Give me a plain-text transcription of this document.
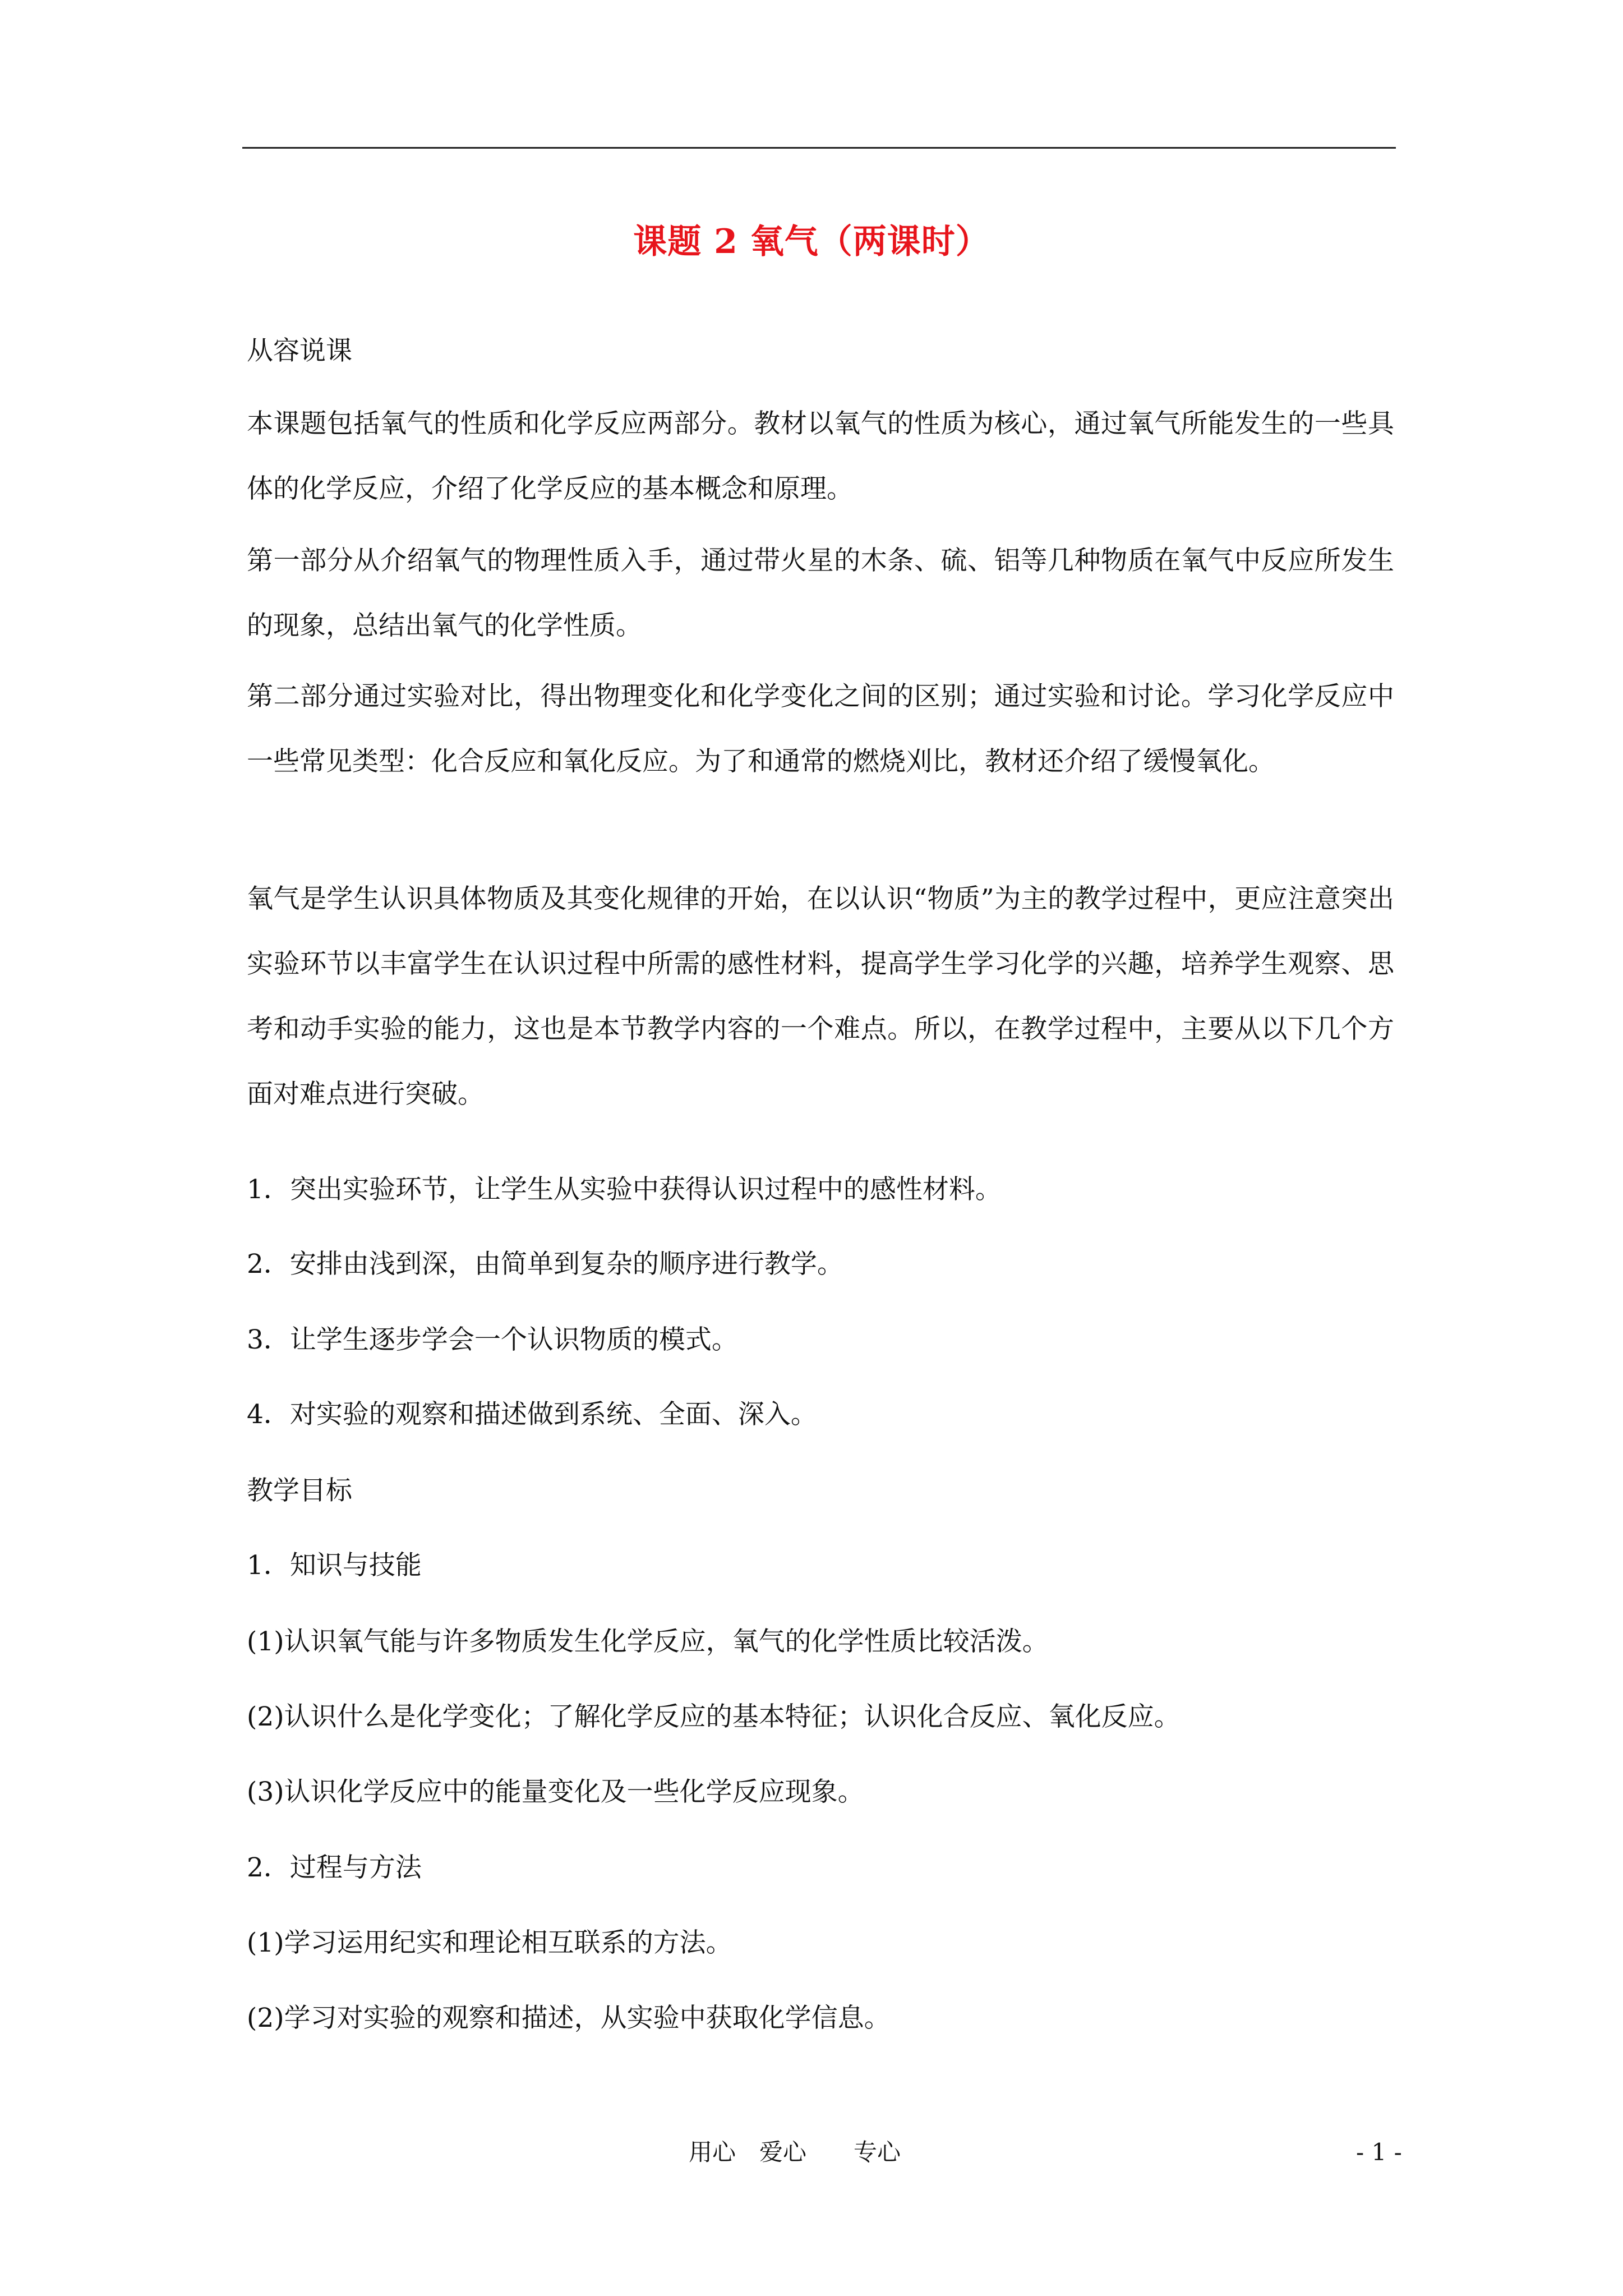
课题 2 氧气（两课时）

从容说课

本课题包括氧气的性质和化学反应两部分。教材以氧气的性质为核心，通过氧气所能发生的一些具体的化学反应，介绍了化学反应的基本概念和原理。

第一部分从介绍氧气的物理性质入手，通过带火星的木条、硫、铝等几种物质在氧气中反应所发生的现象，总结出氧气的化学性质。

第二部分通过实验对比，得出物理变化和化学变化之间的区别；通过实验和讨论。学习化学反应中一些常见类型：化合反应和氧化反应。为了和通常的燃烧刈比，教材还介绍了缓慢氧化。

氧气是学生认识具体物质及其变化规律的开始，在以认识“物质”为主的教学过程中，更应注意突出实验环节以丰富学生在认识过程中所需的感性材料，提高学生学习化学的兴趣，培养学生观察、思考和动手实验的能力，这也是本节教学内容的一个难点。所以，在教学过程中，主要从以下几个方面对难点进行突破。

1．突出实验环节，让学生从实验中获得认识过程中的感性材料。

2．安排由浅到深，由简单到复杂的顺序进行教学。

3．让学生逐步学会一个认识物质的模式。

4．对实验的观察和描述做到系统、全面、深入。

教学目标

1．知识与技能

(1)认识氧气能与许多物质发生化学反应，氧气的化学性质比较活泼。

(2)认识什么是化学变化；了解化学反应的基本特征；认识化合反应、氧化反应。

(3)认识化学反应中的能量变化及一些化学反应现象。

2．过程与方法

(1)学习运用纪实和理论相互联系的方法。

(2)学习对实验的观察和描述，从实验中获取化学信息。

用心　爱心　　专心	- 1 -
